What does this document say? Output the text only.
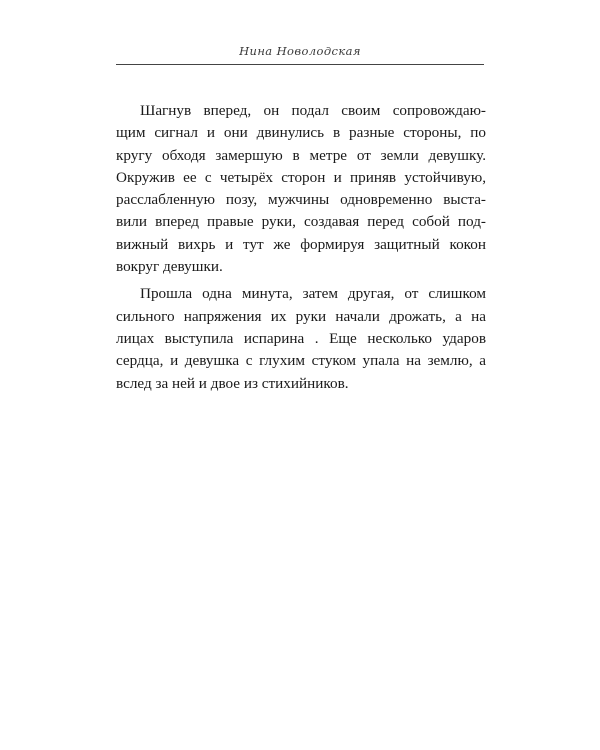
Нина Новолодская
Шагнув вперед, он подал своим сопровождаю-
щим сигнал и они двинулись в разные стороны, по
кругу обходя замершую в метре от земли девушку.
Окружив ее с четырёх сторон и приняв устойчивую,
расслабленную позу, мужчины одновременно выста-
вили вперед правые руки, создавая перед собой под-
вижный вихрь и тут же формируя защитный кокон
вокруг девушки.
Прошла одна минута, затем другая, от слишком
сильного напряжения их руки начали дрожать, а на
лицах выступила испарина . Еще несколько ударов
сердца, и девушка с глухим стуком упала на землю, а
вслед за ней и двое из стихийников.
